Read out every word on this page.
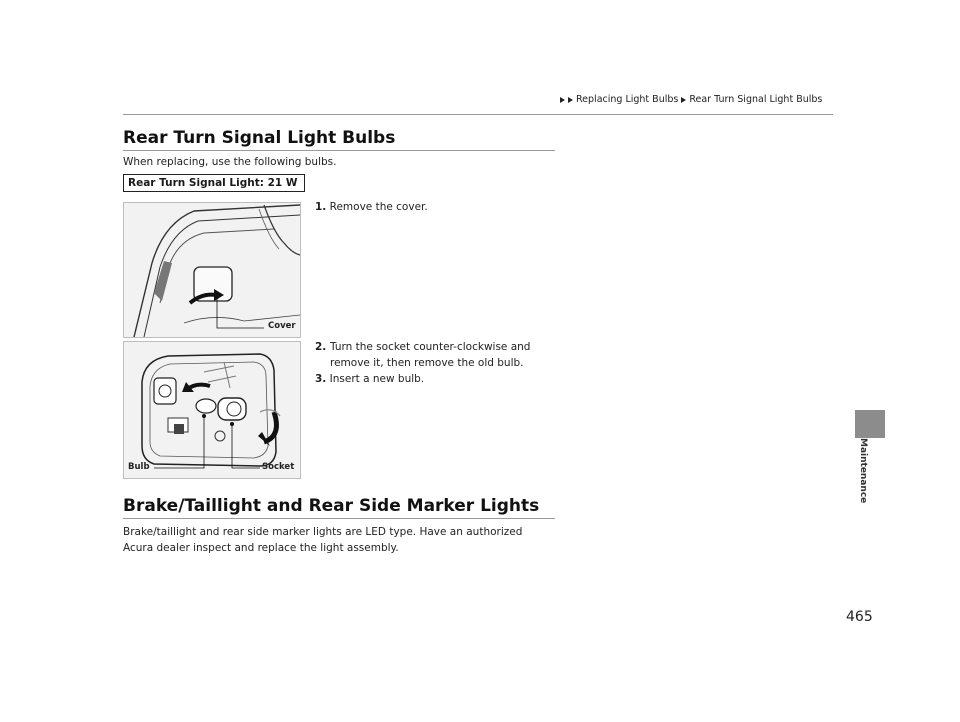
Replacing Light Bulbs Rear Turn Signal Light Bulbs
Rear Turn Signal Light Bulbs
When replacing, use the following bulbs.
Rear Turn Signal Light: 21 W
Cover
1. Remove the cover.
2. Turn the socket counter-clockwise and remove it, then remove the old bulb.
3. Insert a new bulb.
Bulb	Socket
Brake/Taillight and Rear Side Marker Lights
Brake/taillight and rear side marker lights are LED type. Have an authorized Acura dealer inspect and replace the light assembly.
Maintenance
465
